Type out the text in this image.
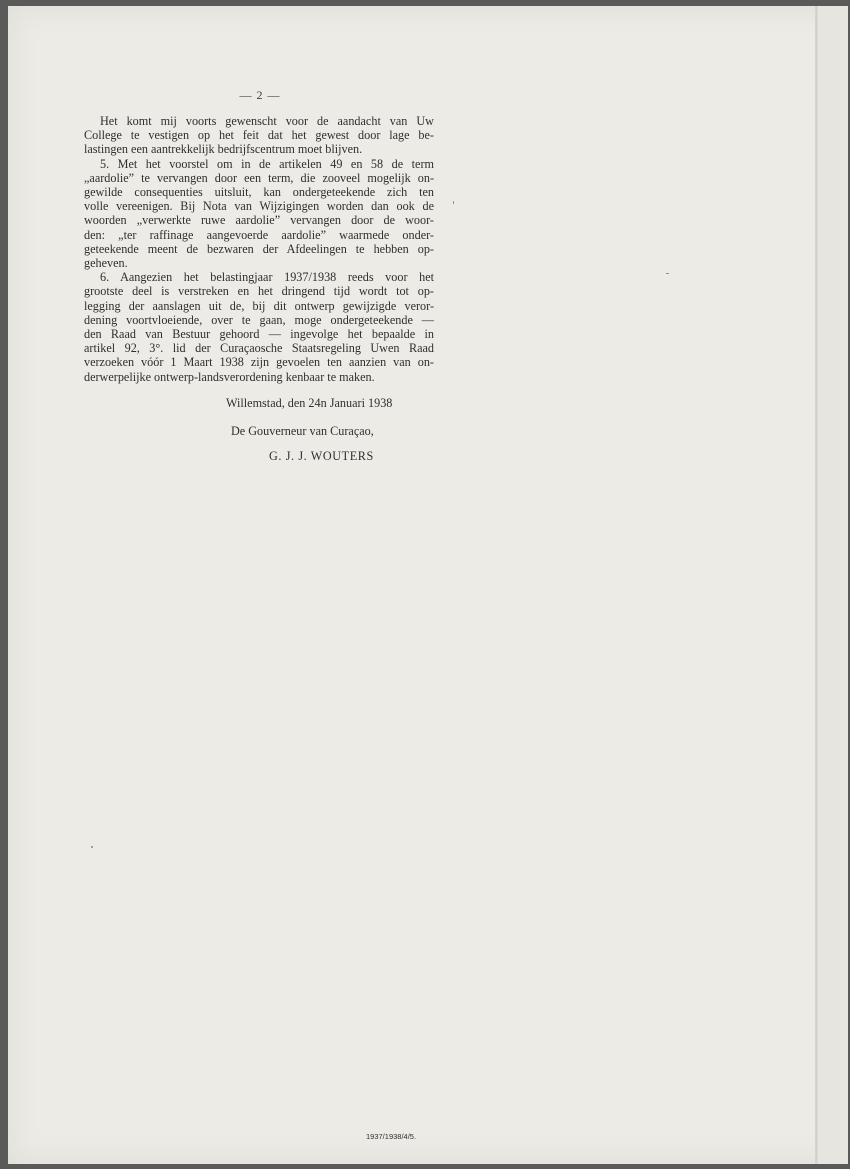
— 2 —
Het komt mij voorts gewenscht voor de aandacht van Uw
College te vestigen op het feit dat het gewest door lage be-
lastingen een aantrekkelijk bedrijfscentrum moet blijven.
5. Met het voorstel om in de artikelen 49 en 58 de term
„aardolie” te vervangen door een term, die zooveel mogelijk on-
gewilde consequenties uitsluit, kan ondergeteekende zich ten
volle vereenigen. Bij Nota van Wijzigingen worden dan ook de
woorden „verwerkte ruwe aardolie” vervangen door de woor-
den: „ter raffinage aangevoerde aardolie” waarmede onder-
geteekende meent de bezwaren der Afdeelingen te hebben op-
geheven.
6. Aangezien het belastingjaar 1937/1938 reeds voor het
grootste deel is verstreken en het dringend tijd wordt tot op-
legging der aanslagen uit de, bij dit ontwerp gewijzigde veror-
dening voortvloeiende, over te gaan, moge ondergeteekende —
den Raad van Bestuur gehoord — ingevolge het bepaalde in
artikel 92, 3°. lid der Curaçaosche Staatsregeling Uwen Raad
verzoeken vóór 1 Maart 1938 zijn gevoelen ten aanzien van on-
derwerpelijke ontwerp-landsverordening kenbaar te maken.
Willemstad, den 24n Januari 1938
De Gouverneur van Curaçao,
G. J. J. WOUTERS
1937/1938/4/5.
